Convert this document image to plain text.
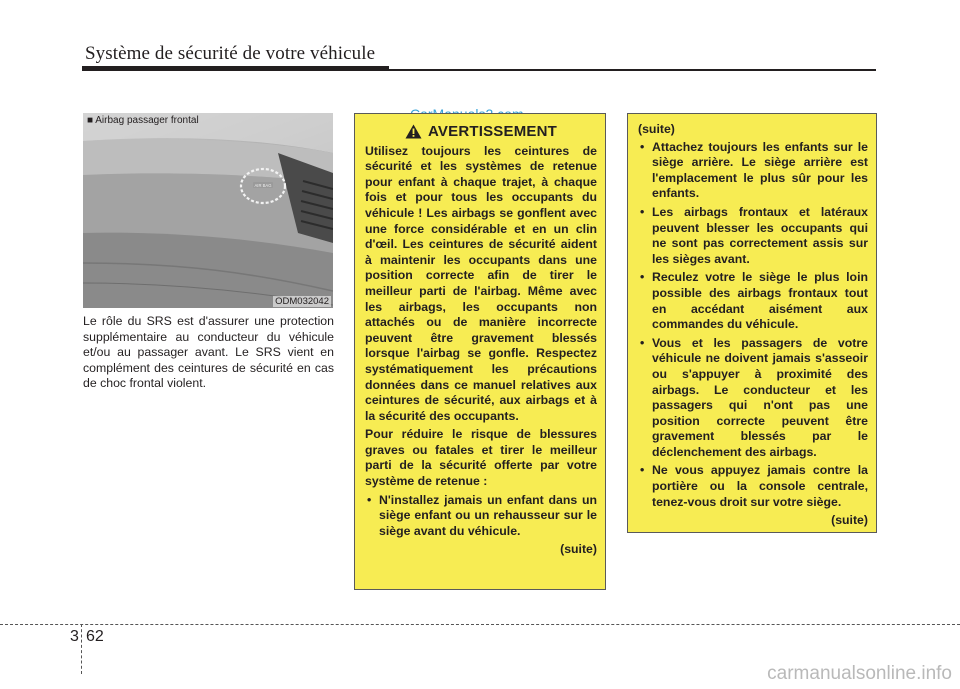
Système de sécurité de votre véhicule
AIR BAG
■ Airbag passager frontal
ODM032042
Le rôle du SRS est d'assurer une protection supplémentaire au conducteur du véhicule et/ou au passager avant. Le SRS vient en complément des ceintures de sécurité en cas de choc frontal violent.
AVERTISSEMENT

Utilisez toujours les ceintures de sécurité et les systèmes de retenue pour enfant à chaque trajet, à chaque fois et pour tous les occupants du véhicule ! Les airbags se gonflent avec une force considérable et en un clin d'œil. Les ceintures de sécurité aident à maintenir les occupants dans une position correcte afin de tirer le meilleur parti de l'airbag. Même avec les airbags, les occupants non attachés ou de manière incorrecte peuvent être gravement blessés lorsque l'airbag se gonfle. Respectez systématiquement les précautions données dans ce manuel relatives aux ceintures de sécurité, aux airbags et à la sécurité des occupants.

Pour réduire le risque de blessures graves ou fatales et tirer le meilleur parti de la sécurité offerte par votre système de retenue :

• N'installez jamais un enfant dans un siège enfant ou un rehausseur sur le siège avant du véhicule.
(suite)
(suite)
• Attachez toujours les enfants sur le siège arrière. Le siège arrière est l'emplacement le plus sûr pour les enfants.
• Les airbags frontaux et latéraux peuvent blesser les occupants qui ne sont pas correctement assis sur les sièges avant.
• Reculez votre le siège le plus loin possible des airbags frontaux tout en accédant aisément aux commandes du véhicule.
• Vous et les passagers de votre véhicule ne doivent jamais s'asseoir ou s'appuyer à proximité des airbags. Le conducteur et les passagers qui n'ont pas une position correcte peuvent être gravement blessés par le déclenchement des airbags.
• Ne vous appuyez jamais contre la portière ou la console centrale, tenez-vous droit sur votre siège.
(suite)
3 62
carmanualsonline.info
